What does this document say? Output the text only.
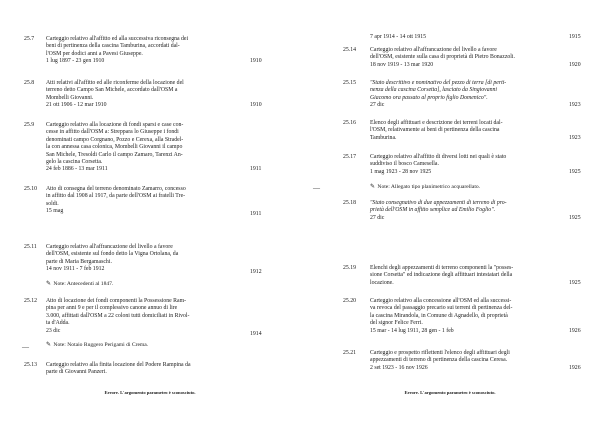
25.7	Carteggio relativo all'affitto ed alla successiva riconsegna dei
beni di pertinenza della cascina Tamburina, accordati dal-
l'OSM per dodici anni a Pavesi Giuseppe.
1 lug 1897 - 23 gen 1910	1910
25.8	Atti relativi all'affitto ed alle riconferme della locazione del
terreno detto Campo San Michele, accordato dall'OSM a
Mombelli Giovanni.
21 ott 1906 - 12 mar 1910	1910
25.9	Carteggio relativo alla locazione di fondi sparsi e case con-
cesse in affitto dall'OSM a: Streppara lo Giuseppe i fondi
denominati campo Corgnano, Pozzo e Cerexa, alla Stradel-
la con annessa casa colonica, Mombelli Giovanni il campo
San Michele, Tresoldi Carlo il campo Zamaro, Tarenzi An-
gelo la cascina Corsetta.
24 feb 1886 - 13 mar 1911	1911
25.10	Atto di consegna del terreno denominato Zamarro, concesso
in affitto dal 1908 al 1917, da parte dell'OSM ai fratelli Tre-
soldi.
15 mag	1911
25.11	Carteggio relativo all'affrancazione del livello a favore
dell'OSM, esistente sul fondo detto la Vigna Ortolana, da
parte di Maria Bergamaschi.
14 nov 1911 - 7 feb 1912	1912
✎ Note: Antecedenti al 1847.
25.12	Atto di locazione dei fondi componenti la Possessione Ram-
pina per anni 9 e per il complessivo canone annuo di lire
3.000, affittati dall'OSM a 22 coloni tutti domiciliati in Rivol-
ta d'Adda.
23 dic
1914
—	✎ Note: Notaio Ruggero Perigami di Crema.
25.13	Carteggio relativo alla finita locazione del Podere Rampina da
parte di Giovanni Panzeri.
Errore. L'argomento parametro è sconosciuto.
7 apr 1914 - 14 ott 1915	1915
25.14	Carteggio relativo all'affrancazione del livello a favore
dell'OSM, esistente sulla casa di proprietà di Pietro Bonazzoli.
18 nov 1919 - 13 mar 1920	1920
25.15	"Stato descrittivo e nominativo del pezzo di terra [di perti-
nenza della cascina Corsetta], lasciato da Singiovanni
Giacomo ora passato al proprio figlio Domenico".
27 dic	1923
25.16	Elenco degli affittuari e descrizione dei terreni locati dal-
l'OSM, relativamente ai beni di pertinenza della cascina
Tamburina.	1923
25.17	Carteggio relativo all'affitto di diversi lotti nei quali è stato
suddiviso il bosco Camesella.
1 mag 1923 - 28 nov 1925	1925
—	✎ Note: Allegato tipo planimetrico acquarellato.
25.18	"Stato consegnativo di due appezzamenti di terreno di pro-
prietà dell'OSM in affitto semplice ad Emilio Foglio".
27 dic	1925
25.19	Elenchi degli appezzamenti di terreno componenti la "posses-
sione Corsetta" ed indicazione degli affittuari intestatari della
locazione.	1925
25.20	Carteggio relativo alla concessione all'OSM ed alla successi-
va revoca del passaggio precario sui terreni di pertinenza del-
la cascina Mirandola, in Comune di Agnadello, di proprietà
del signor Felice Ferri.
15 mar - 14 lug 1911, 28 gen - 1 feb	1926
25.21	Carteggio e prospetto riflettenti l'elenco degli affittuari degli
appezzamenti di terreno di pertinenza della cascina Ceresa.
2 set 1923 - 16 nov 1926	1926
Errore. L'argomento parametro è sconosciuto.
